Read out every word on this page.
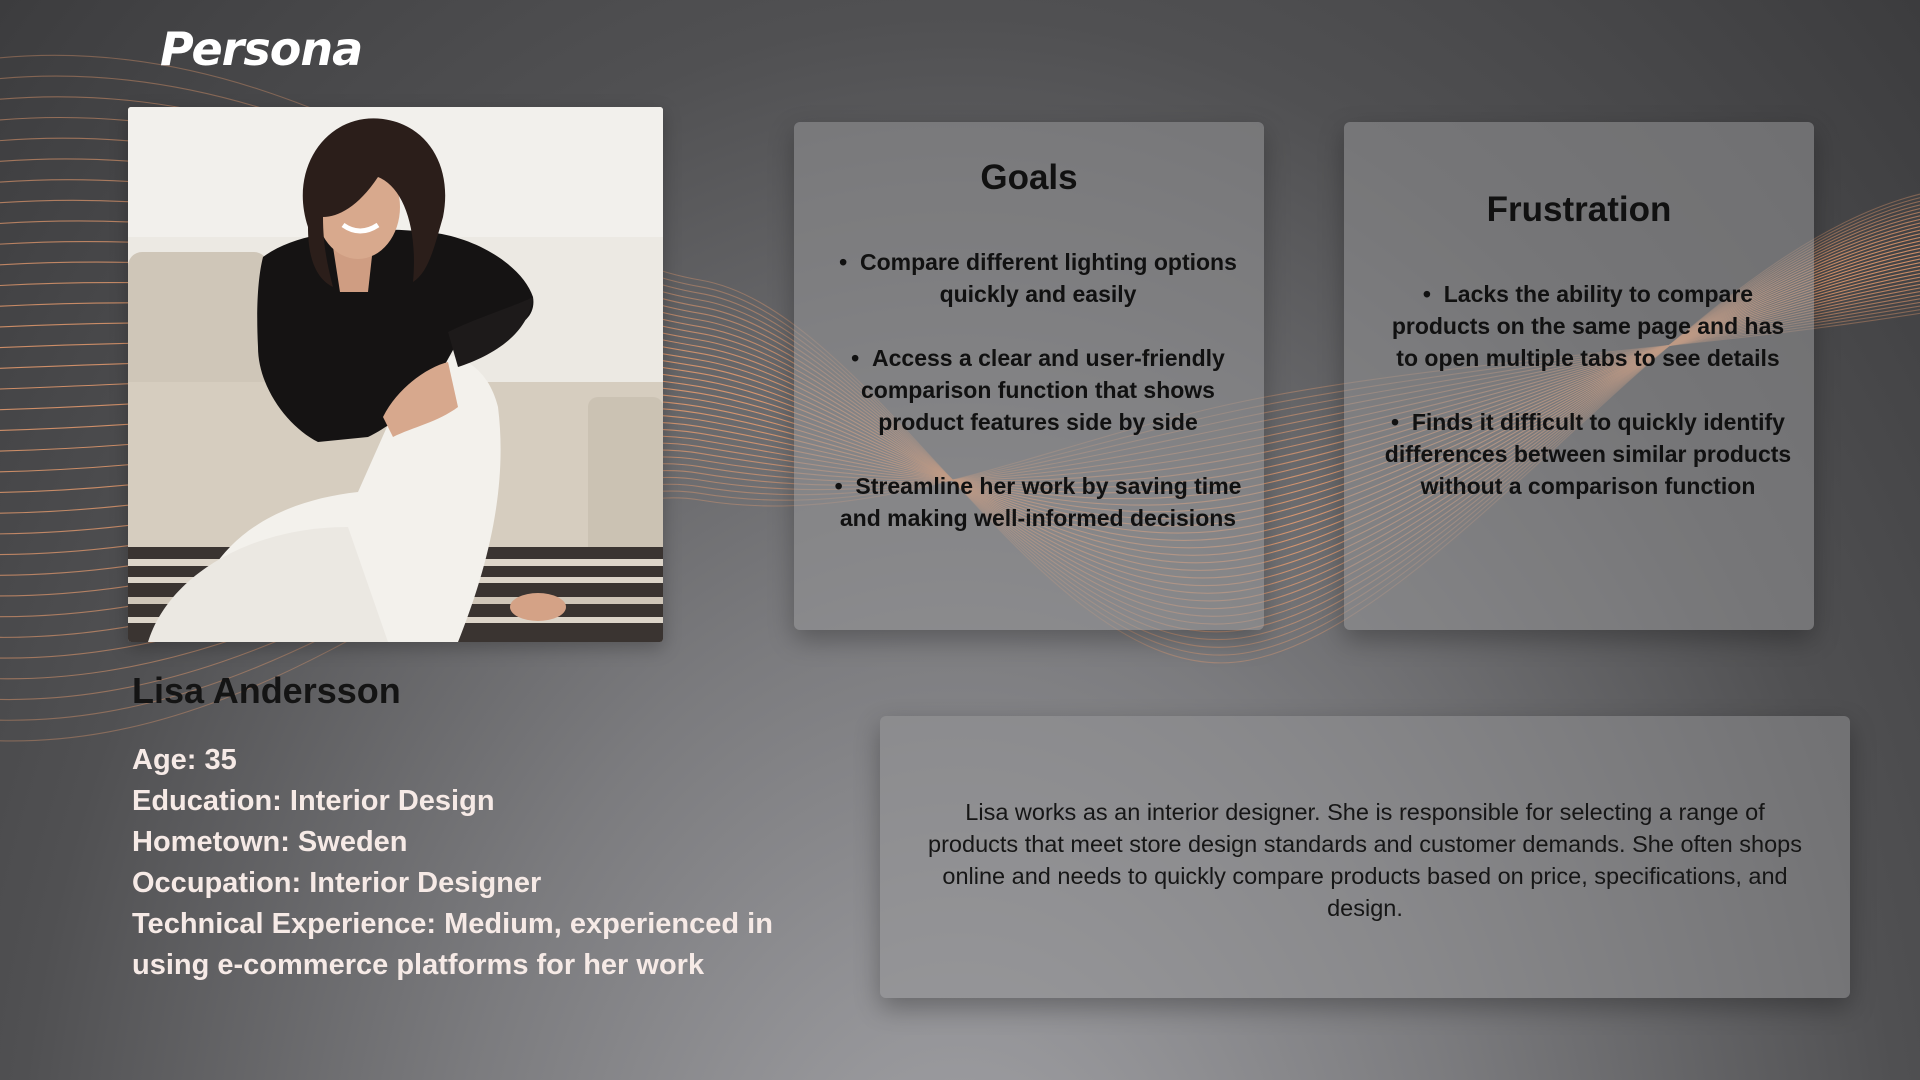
Persona
Lisa Andersson
Age: 35
Education: Interior Design
Hometown: Sweden
Occupation: Interior Designer
Technical Experience: Medium, experienced in using e-commerce platforms for her work
Goals
•  Compare different lighting options quickly and easily
•  Access a clear and user-friendly comparison function that shows product features side by side
•  Streamline her work by saving time and making well-informed decisions
Frustration
•  Lacks the ability to compare products on the same page and has to open multiple tabs to see details
•  Finds it difficult to quickly identify differences between similar products without a comparison function

Lisa works as an interior designer. She is responsible for selecting a range of products that meet store design standards and customer demands. She often shops online and needs to quickly compare products based on price, specifications, and design.
